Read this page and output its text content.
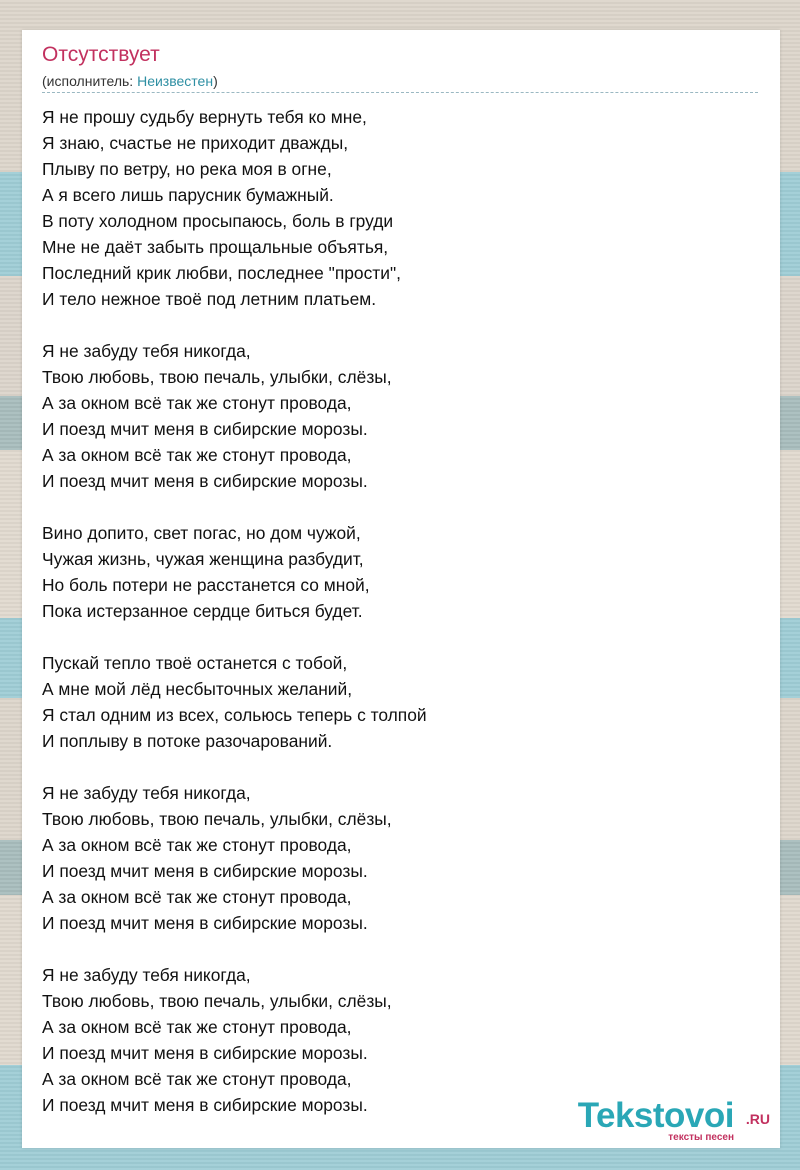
Отсутствует
(исполнитель: Неизвестен)
Я не прошу судьбу вернуть тебя ко мне,
Я знаю, счастье не приходит дважды,
Плыву по ветру, но река моя в огне,
А я всего лишь парусник бумажный.
В поту холодном просыпаюсь, боль в груди
Мне не даёт забыть прощальные объятья,
Последний крик любви, последнее "прости",
И тело нежное твоё под летним платьем.
Я не забуду тебя никогда,
Твою любовь, твою печаль, улыбки, слёзы,
А за окном всё так же стонут провода,
И поезд мчит меня в сибирские морозы.
А за окном всё так же стонут провода,
И поезд мчит меня в сибирские морозы.
Вино допито, свет погас, но дом чужой,
Чужая жизнь, чужая женщина разбудит,
Но боль потери не расстанется со мной,
Пока истерзанное сердце биться будет.
Пускай тепло твоё останется с тобой,
А мне мой лёд несбыточных желаний,
Я стал одним из всех, сольюсь теперь с толпой
И поплыву в потоке разочарований.
Я не забуду тебя никогда,
Твою любовь, твою печаль, улыбки, слёзы,
А за окном всё так же стонут провода,
И поезд мчит меня в сибирские морозы.
А за окном всё так же стонут провода,
И поезд мчит меня в сибирские морозы.
Я не забуду тебя никогда,
Твою любовь, твою печаль, улыбки, слёзы,
А за окном всё так же стонут провода,
И поезд мчит меня в сибирские морозы.
А за окном всё так же стонут провода,
И поезд мчит меня в сибирские морозы.	Tekstovoi .RU
тексты песен
